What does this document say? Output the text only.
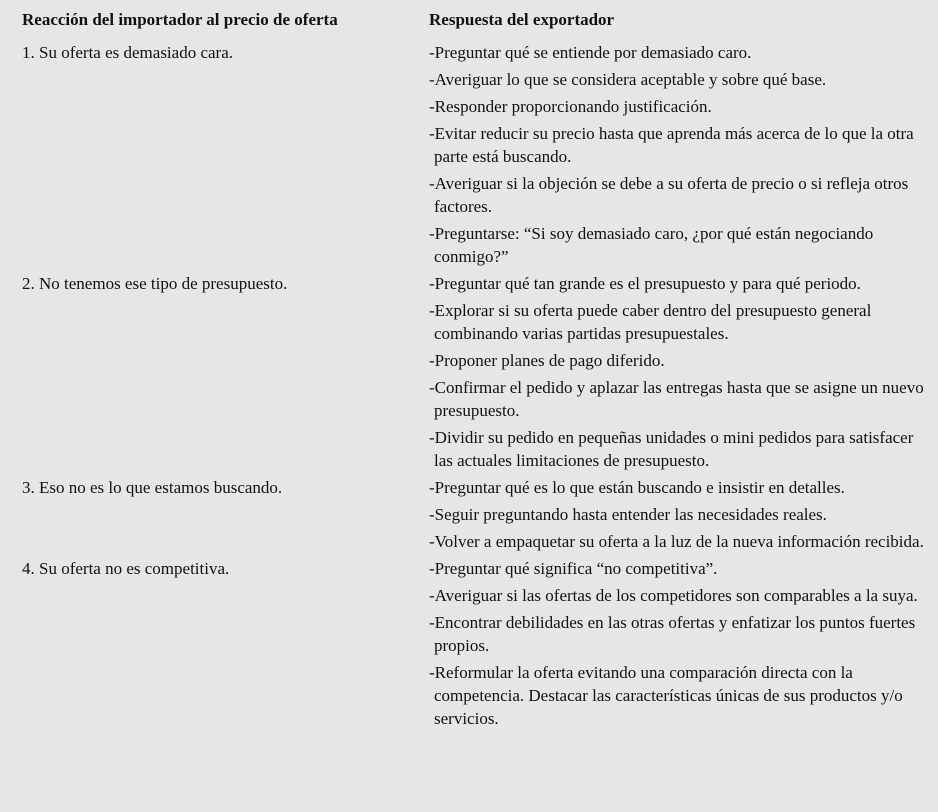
Reacción del importador al precio de oferta	Respuesta del exportador
1. Su oferta es demasiado cara.	-Preguntar qué se entiende por demasiado caro.
-Averiguar lo que se considera aceptable y sobre qué base.
-Responder proporcionando justificación.
-Evitar reducir su precio hasta que aprenda más acerca de lo que la otra parte está buscando.
-Averiguar si la objeción se debe a su oferta de precio o si refleja otros factores.
-Preguntarse: “Si soy demasiado caro, ¿por qué están negociando conmigo?”
2. No tenemos ese tipo de presupuesto.	-Preguntar qué tan grande es el presupuesto y para qué periodo.
-Explorar si su oferta puede caber dentro del presupuesto general combinando varias partidas presupuestales.
-Proponer planes de pago diferido.
-Confirmar el pedido y aplazar las entregas hasta que se asigne un nuevo presupuesto.
-Dividir su pedido en pequeñas unidades o mini pedidos para satisfacer las actuales limitaciones de presupuesto.
3. Eso no es lo que estamos buscando.	-Preguntar qué es lo que están buscando e insistir en detalles.
-Seguir preguntando hasta entender las necesidades reales.
-Volver a empaquetar su oferta a la luz de la nueva información recibida.
4. Su oferta no es competitiva.	-Preguntar qué significa “no competitiva”.
-Averiguar si las ofertas de los competidores son comparables a la suya.
-Encontrar debilidades en las otras ofertas y enfatizar los puntos fuertes propios.
-Reformular la oferta evitando una comparación directa con la competencia. Destacar las características únicas de sus productos y/o servicios.
